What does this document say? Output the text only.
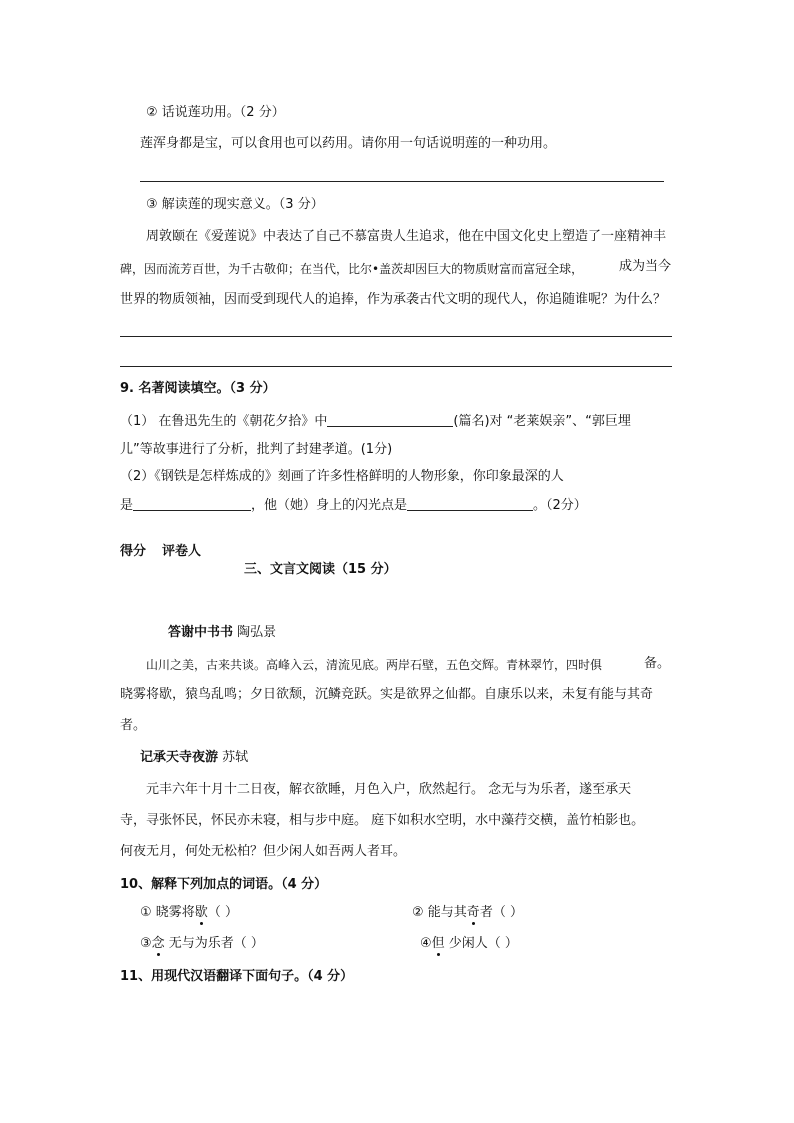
② 话说莲功用。（2 分）
莲浑身都是宝，可以食用也可以药用。请你用一句话说明莲的一种功用。
③ 解读莲的现实意义。（3 分）
周敦颐在《爱莲说》中表达了自己不慕富贵人生追求，他在中国文化史上塑造了一座精神丰
碑，因而流芳百世，为千古敬仰；在当代，比尔•盖茨却因巨大的物质财富而富冠全球，	成为当今
世界的物质领袖，因而受到现代人的追捧，作为承袭古代文明的现代人，你追随谁呢？为什么？
9. 名著阅读填空。（3 分）
（1） 在鲁迅先生的《朝花夕拾》中	(篇名)对 “老莱娱亲”、“郭巨埋
儿”等故事进行了分析，批判了封建孝道。(1分)
（2）《钢铁是怎样炼成的》刻画了许多性格鲜明的人物形象，你印象最深的人
是	，他（她）身上的闪光点是	。（2分）
得分 评卷人
三、文言文阅读（15 分）
答谢中书书 陶弘景
山川之美，古来共谈。高峰入云，清流见底。两岸石壁，五色交辉。青林翠竹，四时俱	备。
晓雾将歇，猿鸟乱鸣；夕日欲颓，沉鳞竞跃。实是欲界之仙都。自康乐以来，未复有能与其奇
者。
记承天寺夜游 苏轼
元丰六年十月十二日夜，解衣欲睡，月色入户，欣然起行。 念无与为乐者，遂至承天
寺，寻张怀民，怀民亦未寝，相与步中庭。 庭下如积水空明，水中藻荇交横，盖竹柏影也。
何夜无月，何处无松柏？但少闲人如吾两人者耳。
10、解释下列加点的词语。（4 分）
① 晓雾将歇（ ）	② 能与其奇者（ ）
③念 无与为乐者（ ）	④但 少闲人（ ）
11、用现代汉语翻译下面句子。（4 分）
